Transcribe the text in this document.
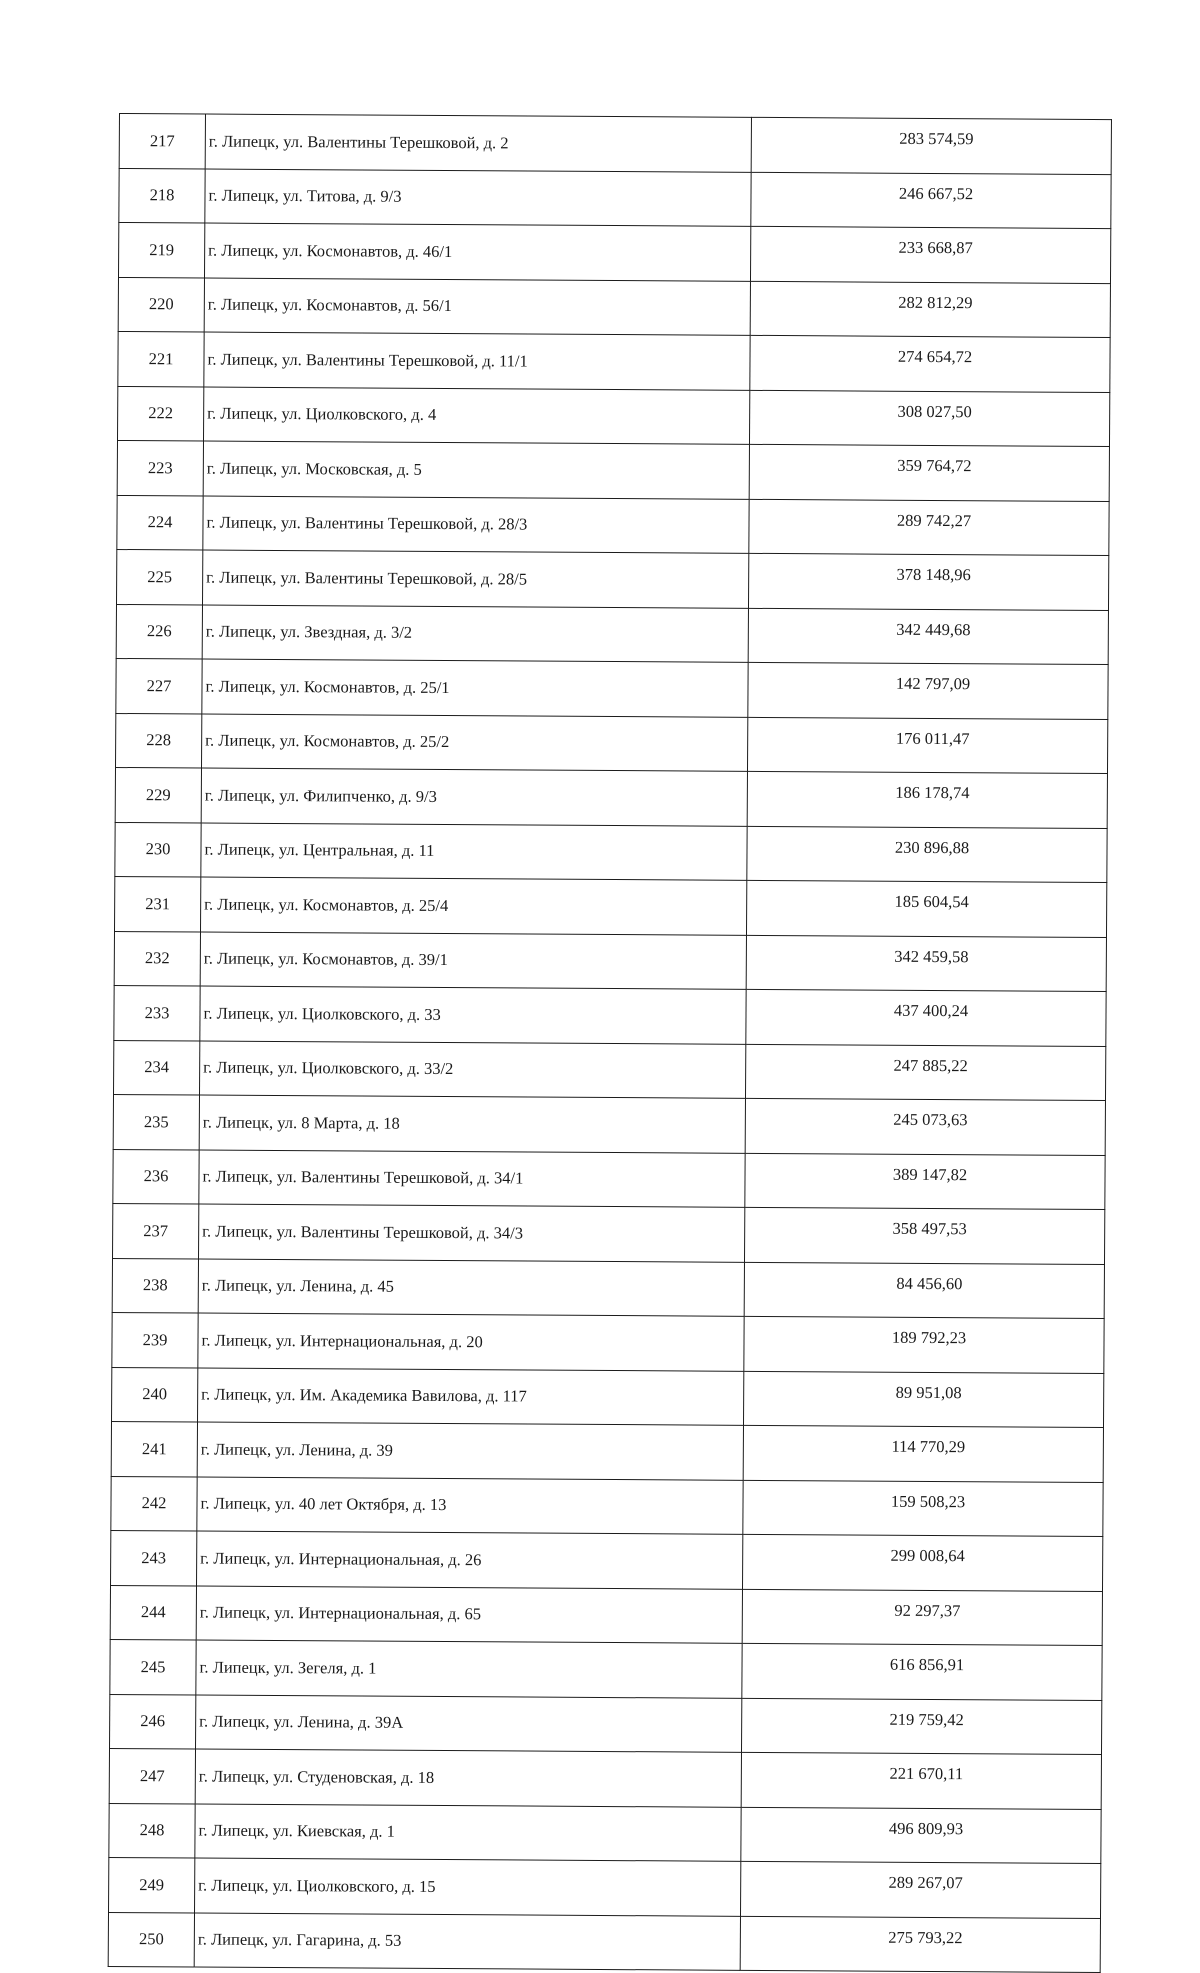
217	г. Липецк, ул. Валентины Терешковой, д. 2	283 574,59
218	г. Липецк, ул. Титова, д. 9/3	246 667,52
219	г. Липецк, ул. Космонавтов, д. 46/1	233 668,87
220	г. Липецк, ул. Космонавтов, д. 56/1	282 812,29
221	г. Липецк, ул. Валентины Терешковой, д. 11/1	274 654,72
222	г. Липецк, ул. Циолковского, д. 4	308 027,50
223	г. Липецк, ул. Московская, д. 5	359 764,72
224	г. Липецк, ул. Валентины Терешковой, д. 28/3	289 742,27
225	г. Липецк, ул. Валентины Терешковой, д. 28/5	378 148,96
226	г. Липецк, ул. Звездная, д. 3/2	342 449,68
227	г. Липецк, ул. Космонавтов, д. 25/1	142 797,09
228	г. Липецк, ул. Космонавтов, д. 25/2	176 011,47
229	г. Липецк, ул. Филипченко, д. 9/3	186 178,74
230	г. Липецк, ул. Центральная, д. 11	230 896,88
231	г. Липецк, ул. Космонавтов, д. 25/4	185 604,54
232	г. Липецк, ул. Космонавтов, д. 39/1	342 459,58
233	г. Липецк, ул. Циолковского, д. 33	437 400,24
234	г. Липецк, ул. Циолковского, д. 33/2	247 885,22
235	г. Липецк, ул. 8 Марта, д. 18	245 073,63
236	г. Липецк, ул. Валентины Терешковой, д. 34/1	389 147,82
237	г. Липецк, ул. Валентины Терешковой, д. 34/3	358 497,53
238	г. Липецк, ул. Ленина, д. 45	84 456,60
239	г. Липецк, ул. Интернациональная, д. 20	189 792,23
240	г. Липецк, ул. Им. Академика Вавилова, д. 117	89 951,08
241	г. Липецк, ул. Ленина, д. 39	114 770,29
242	г. Липецк, ул. 40 лет Октября, д. 13	159 508,23
243	г. Липецк, ул. Интернациональная, д. 26	299 008,64
244	г. Липецк, ул. Интернациональная, д. 65	92 297,37
245	г. Липецк, ул. Зегеля, д. 1	616 856,91
246	г. Липецк, ул. Ленина, д. 39А	219 759,42
247	г. Липецк, ул. Студеновская, д. 18	221 670,11
248	г. Липецк, ул. Киевская, д. 1	496 809,93
249	г. Липецк, ул. Циолковского, д. 15	289 267,07
250	г. Липецк, ул. Гагарина, д. 53	275 793,22
